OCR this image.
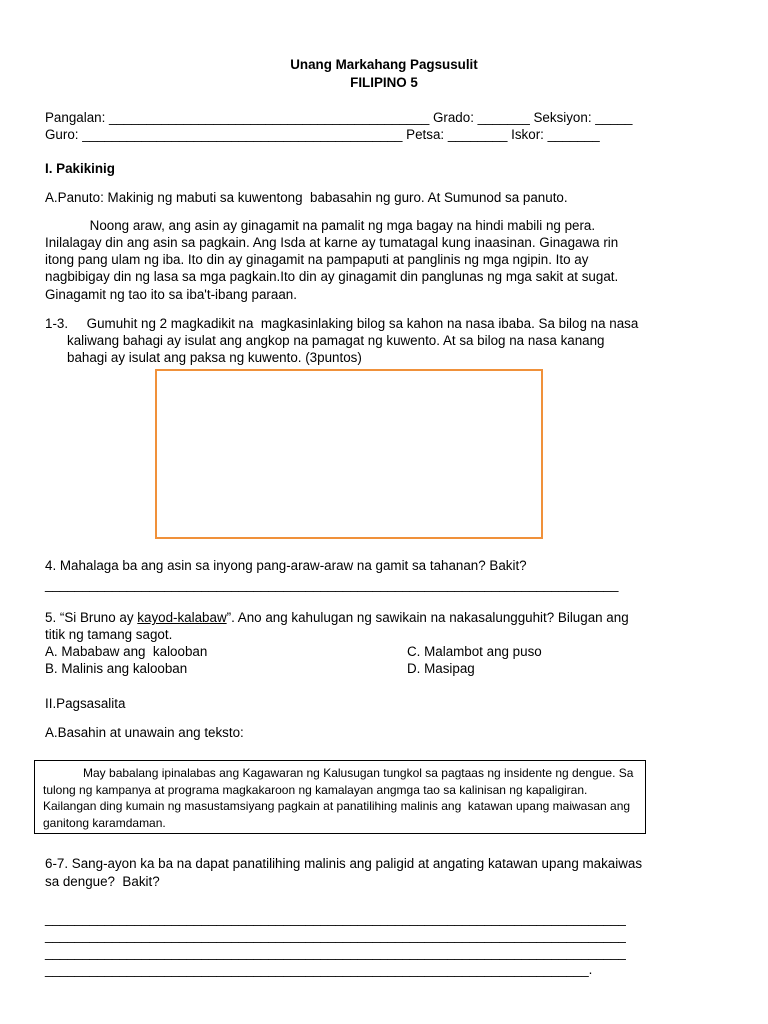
Unang Markahang Pagsusulit
FILIPINO 5
Pangalan: ___________________________________________ Grado: _______ Seksiyon: _____
Guro: ___________________________________________ Petsa: ________ Iskor: _______
I. Pakikinig
A.Panuto: Makinig ng mabuti sa kuwentong  babasahin ng guro. At Sumunod sa panuto.
Noong araw, ang asin ay ginagamit na pamalit ng mga bagay na hindi mabili ng pera.
Inilalagay din ang asin sa pagkain. Ang Isda at karne ay tumatagal kung inaasinan. Ginagawa rin
itong pang ulam ng iba. Ito din ay ginagamit na pampaputi at panglinis ng mga ngipin. Ito ay
nagbibigay din ng lasa sa mga pagkain.Ito din ay ginagamit din panglunas ng mga sakit at sugat.
Ginagamit ng tao ito sa iba't-ibang paraan.
1-3.     Gumuhit ng 2 magkadikit na  magkasinlaking bilog sa kahon na nasa ibaba. Sa bilog na nasa
kaliwang bahagi ay isulat ang angkop na pamagat ng kuwento. At sa bilog na nasa kanang
bahagi ay isulat ang paksa ng kuwento. (3puntos)
4. Mahalaga ba ang asin sa inyong pang-araw-araw na gamit sa tahanan? Bakit?
_____________________________________________________________________________
5. “Si Bruno ay kayod-kalabaw”. Ano ang kahulugan ng sawikain na nakasalungguhit? Bilugan ang
titik ng tamang sagot.
A. Mababaw ang  kalooban	C. Malambot ang puso
B. Malinis ang kalooban	D. Masipag
II.Pagsasalita
A.Basahin at unawain ang teksto:
May babalang ipinalabas ang Kagawaran ng Kalusugan tungkol sa pagtaas ng insidente ng dengue. Sa tulong ng kampanya at programa magkakaroon ng kamalayan angmga tao sa kalinisan ng kapaligiran. Kailangan ding kumain ng masustamsiyang pagkain at panatilihing malinis ang  katawan upang maiwasan ang ganitong karamdaman.
6-7. Sang-ayon ka ba na dapat panatilihing malinis ang paligid at angating katawan upang makaiwas
sa dengue?  Bakit?
______________________________________________________________________________
______________________________________________________________________________
______________________________________________________________________________
_________________________________________________________________________.
